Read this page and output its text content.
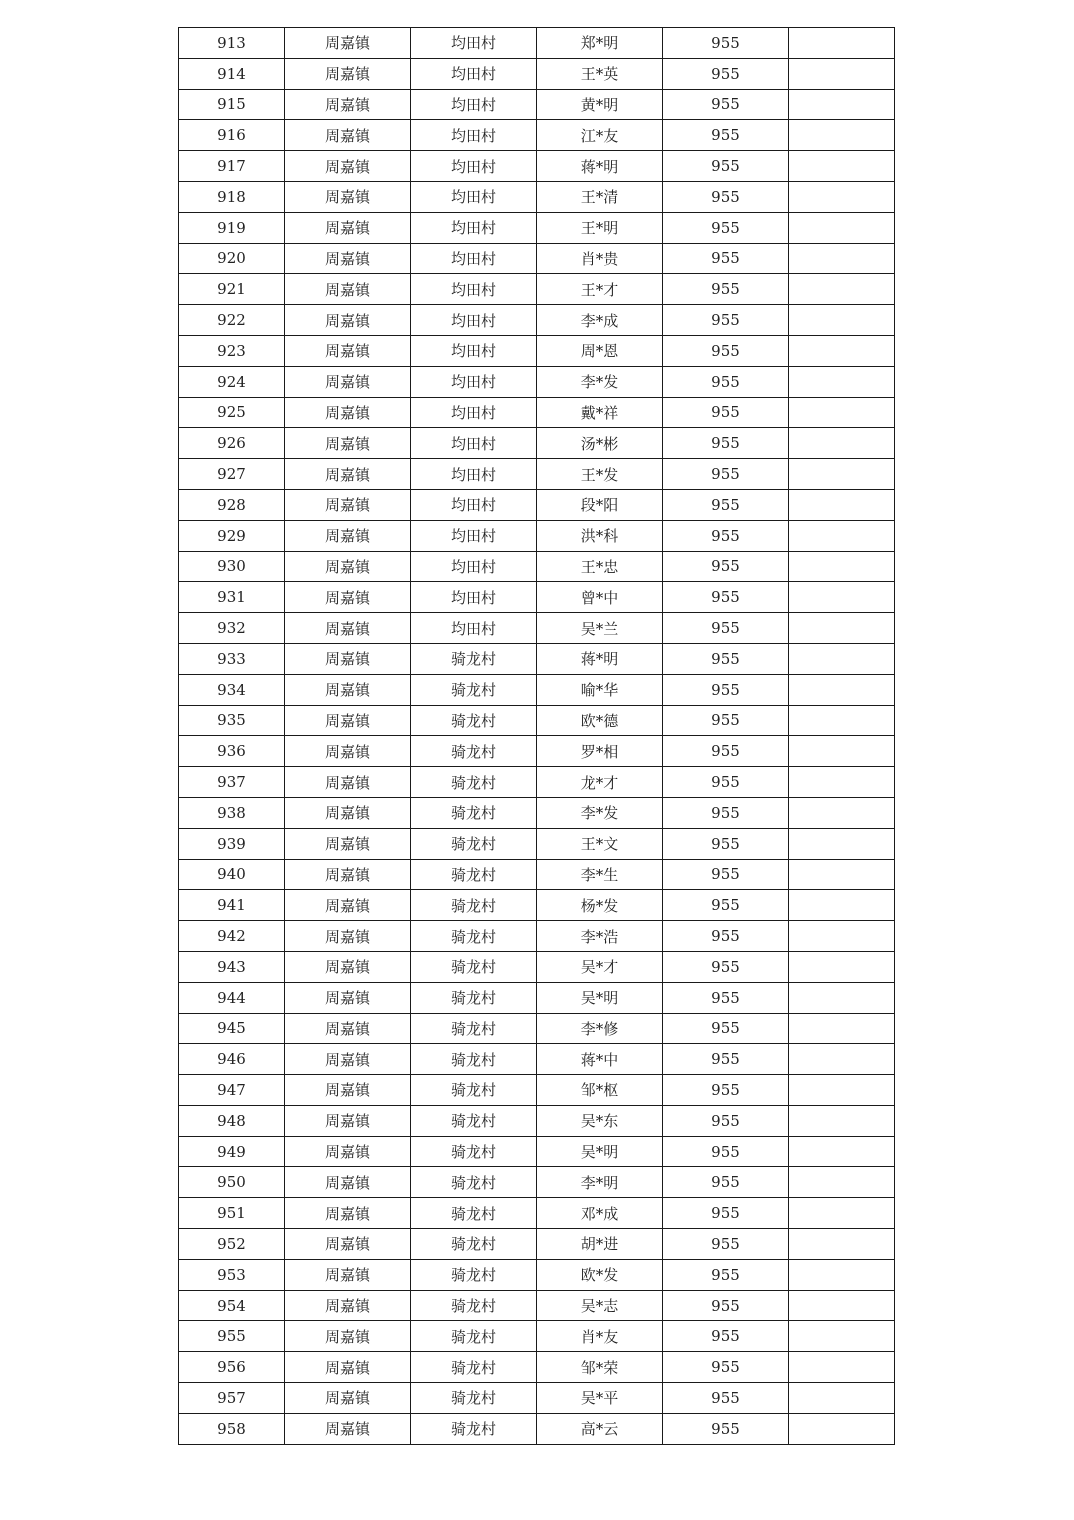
913	周嘉镇	均田村	郑*明	955	
914	周嘉镇	均田村	王*英	955	
915	周嘉镇	均田村	黄*明	955	
916	周嘉镇	均田村	江*友	955	
917	周嘉镇	均田村	蒋*明	955	
918	周嘉镇	均田村	王*清	955	
919	周嘉镇	均田村	王*明	955	
920	周嘉镇	均田村	肖*贵	955	
921	周嘉镇	均田村	王*才	955	
922	周嘉镇	均田村	李*成	955	
923	周嘉镇	均田村	周*恩	955	
924	周嘉镇	均田村	李*发	955	
925	周嘉镇	均田村	戴*祥	955	
926	周嘉镇	均田村	汤*彬	955	
927	周嘉镇	均田村	王*发	955	
928	周嘉镇	均田村	段*阳	955	
929	周嘉镇	均田村	洪*科	955	
930	周嘉镇	均田村	王*忠	955	
931	周嘉镇	均田村	曾*中	955	
932	周嘉镇	均田村	吴*兰	955	
933	周嘉镇	骑龙村	蒋*明	955	
934	周嘉镇	骑龙村	喻*华	955	
935	周嘉镇	骑龙村	欧*德	955	
936	周嘉镇	骑龙村	罗*相	955	
937	周嘉镇	骑龙村	龙*才	955	
938	周嘉镇	骑龙村	李*发	955	
939	周嘉镇	骑龙村	王*文	955	
940	周嘉镇	骑龙村	李*生	955	
941	周嘉镇	骑龙村	杨*发	955	
942	周嘉镇	骑龙村	李*浩	955	
943	周嘉镇	骑龙村	吴*才	955	
944	周嘉镇	骑龙村	吴*明	955	
945	周嘉镇	骑龙村	李*修	955	
946	周嘉镇	骑龙村	蒋*中	955	
947	周嘉镇	骑龙村	邹*枢	955	
948	周嘉镇	骑龙村	吴*东	955	
949	周嘉镇	骑龙村	吴*明	955	
950	周嘉镇	骑龙村	李*明	955	
951	周嘉镇	骑龙村	邓*成	955	
952	周嘉镇	骑龙村	胡*进	955	
953	周嘉镇	骑龙村	欧*发	955	
954	周嘉镇	骑龙村	吴*志	955	
955	周嘉镇	骑龙村	肖*友	955	
956	周嘉镇	骑龙村	邹*荣	955	
957	周嘉镇	骑龙村	吴*平	955	
958	周嘉镇	骑龙村	高*云	955	
